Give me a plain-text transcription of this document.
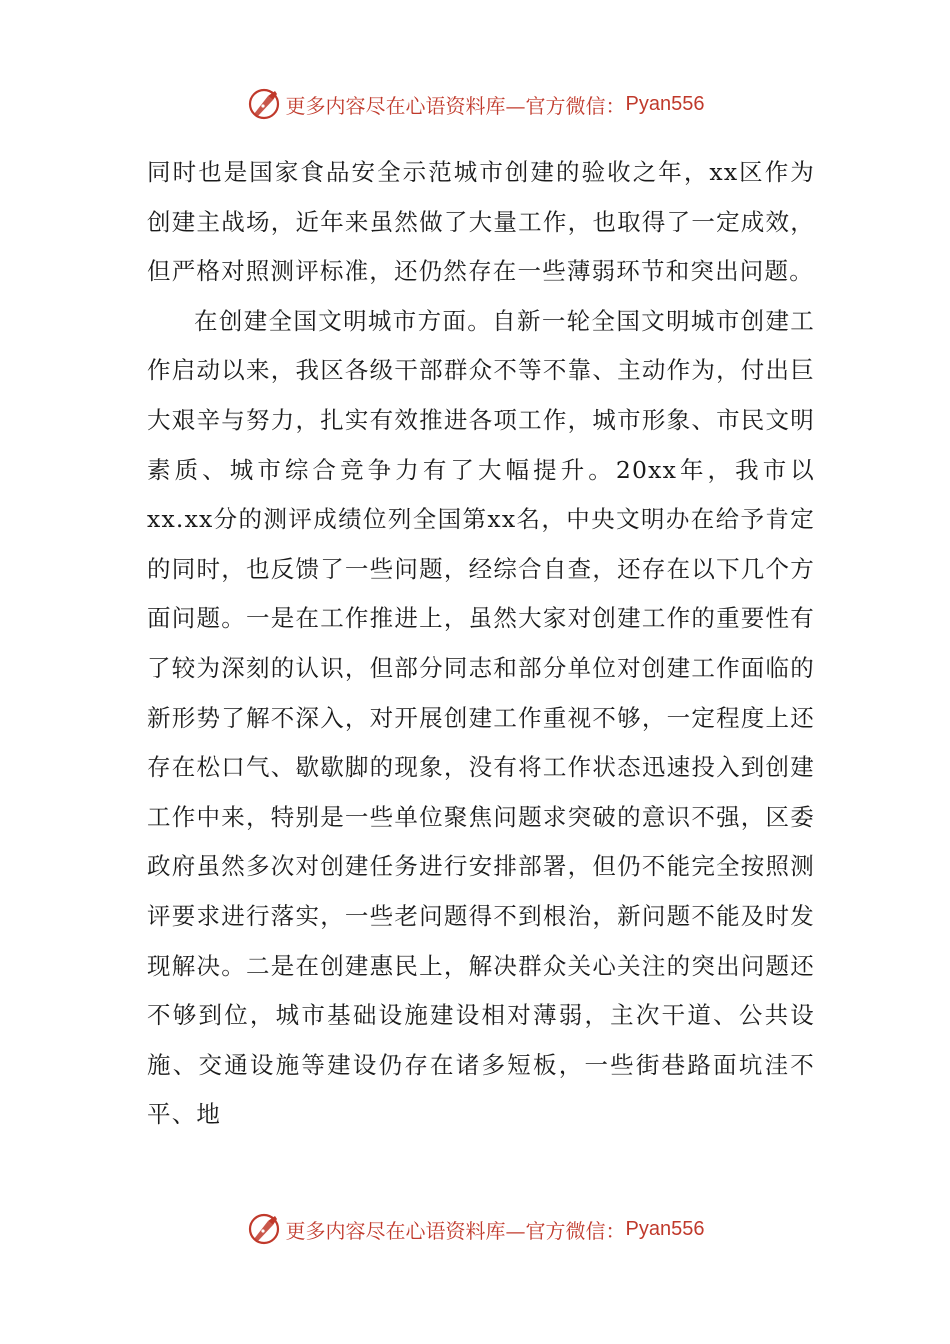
更多内容尽在心语资料库—官方微信： Pyan556

同时也是国家食品安全示范城市创建的验收之年，xx区作为创建主战场，近年来虽然做了大量工作，也取得了一定成效，但严格对照测评标准，还仍然存在一些薄弱环节和突出问题。

在创建全国文明城市方面。自新一轮全国文明城市创建工作启动以来，我区各级干部群众不等不靠、主动作为，付出巨大艰辛与努力，扎实有效推进各项工作，城市形象、市民文明素质、城市综合竞争力有了大幅提升。20xx年，我市以xx.xx分的测评成绩位列全国第xx名，中央文明办在给予肯定的同时，也反馈了一些问题，经综合自查，还存在以下几个方面问题。一是在工作推进上，虽然大家对创建工作的重要性有了较为深刻的认识，但部分同志和部分单位对创建工作面临的新形势了解不深入，对开展创建工作重视不够，一定程度上还存在松口气、歇歇脚的现象，没有将工作状态迅速投入到创建工作中来，特别是一些单位聚焦问题求突破的意识不强，区委政府虽然多次对创建任务进行安排部署，但仍不能完全按照测评要求进行落实，一些老问题得不到根治，新问题不能及时发现解决。二是在创建惠民上，解决群众关心关注的突出问题还不够到位，城市基础设施建设相对薄弱，主次干道、公共设施、交通设施等建设仍存在诸多短板，一些街巷路面坑洼不平、地

更多内容尽在心语资料库—官方微信： Pyan556
